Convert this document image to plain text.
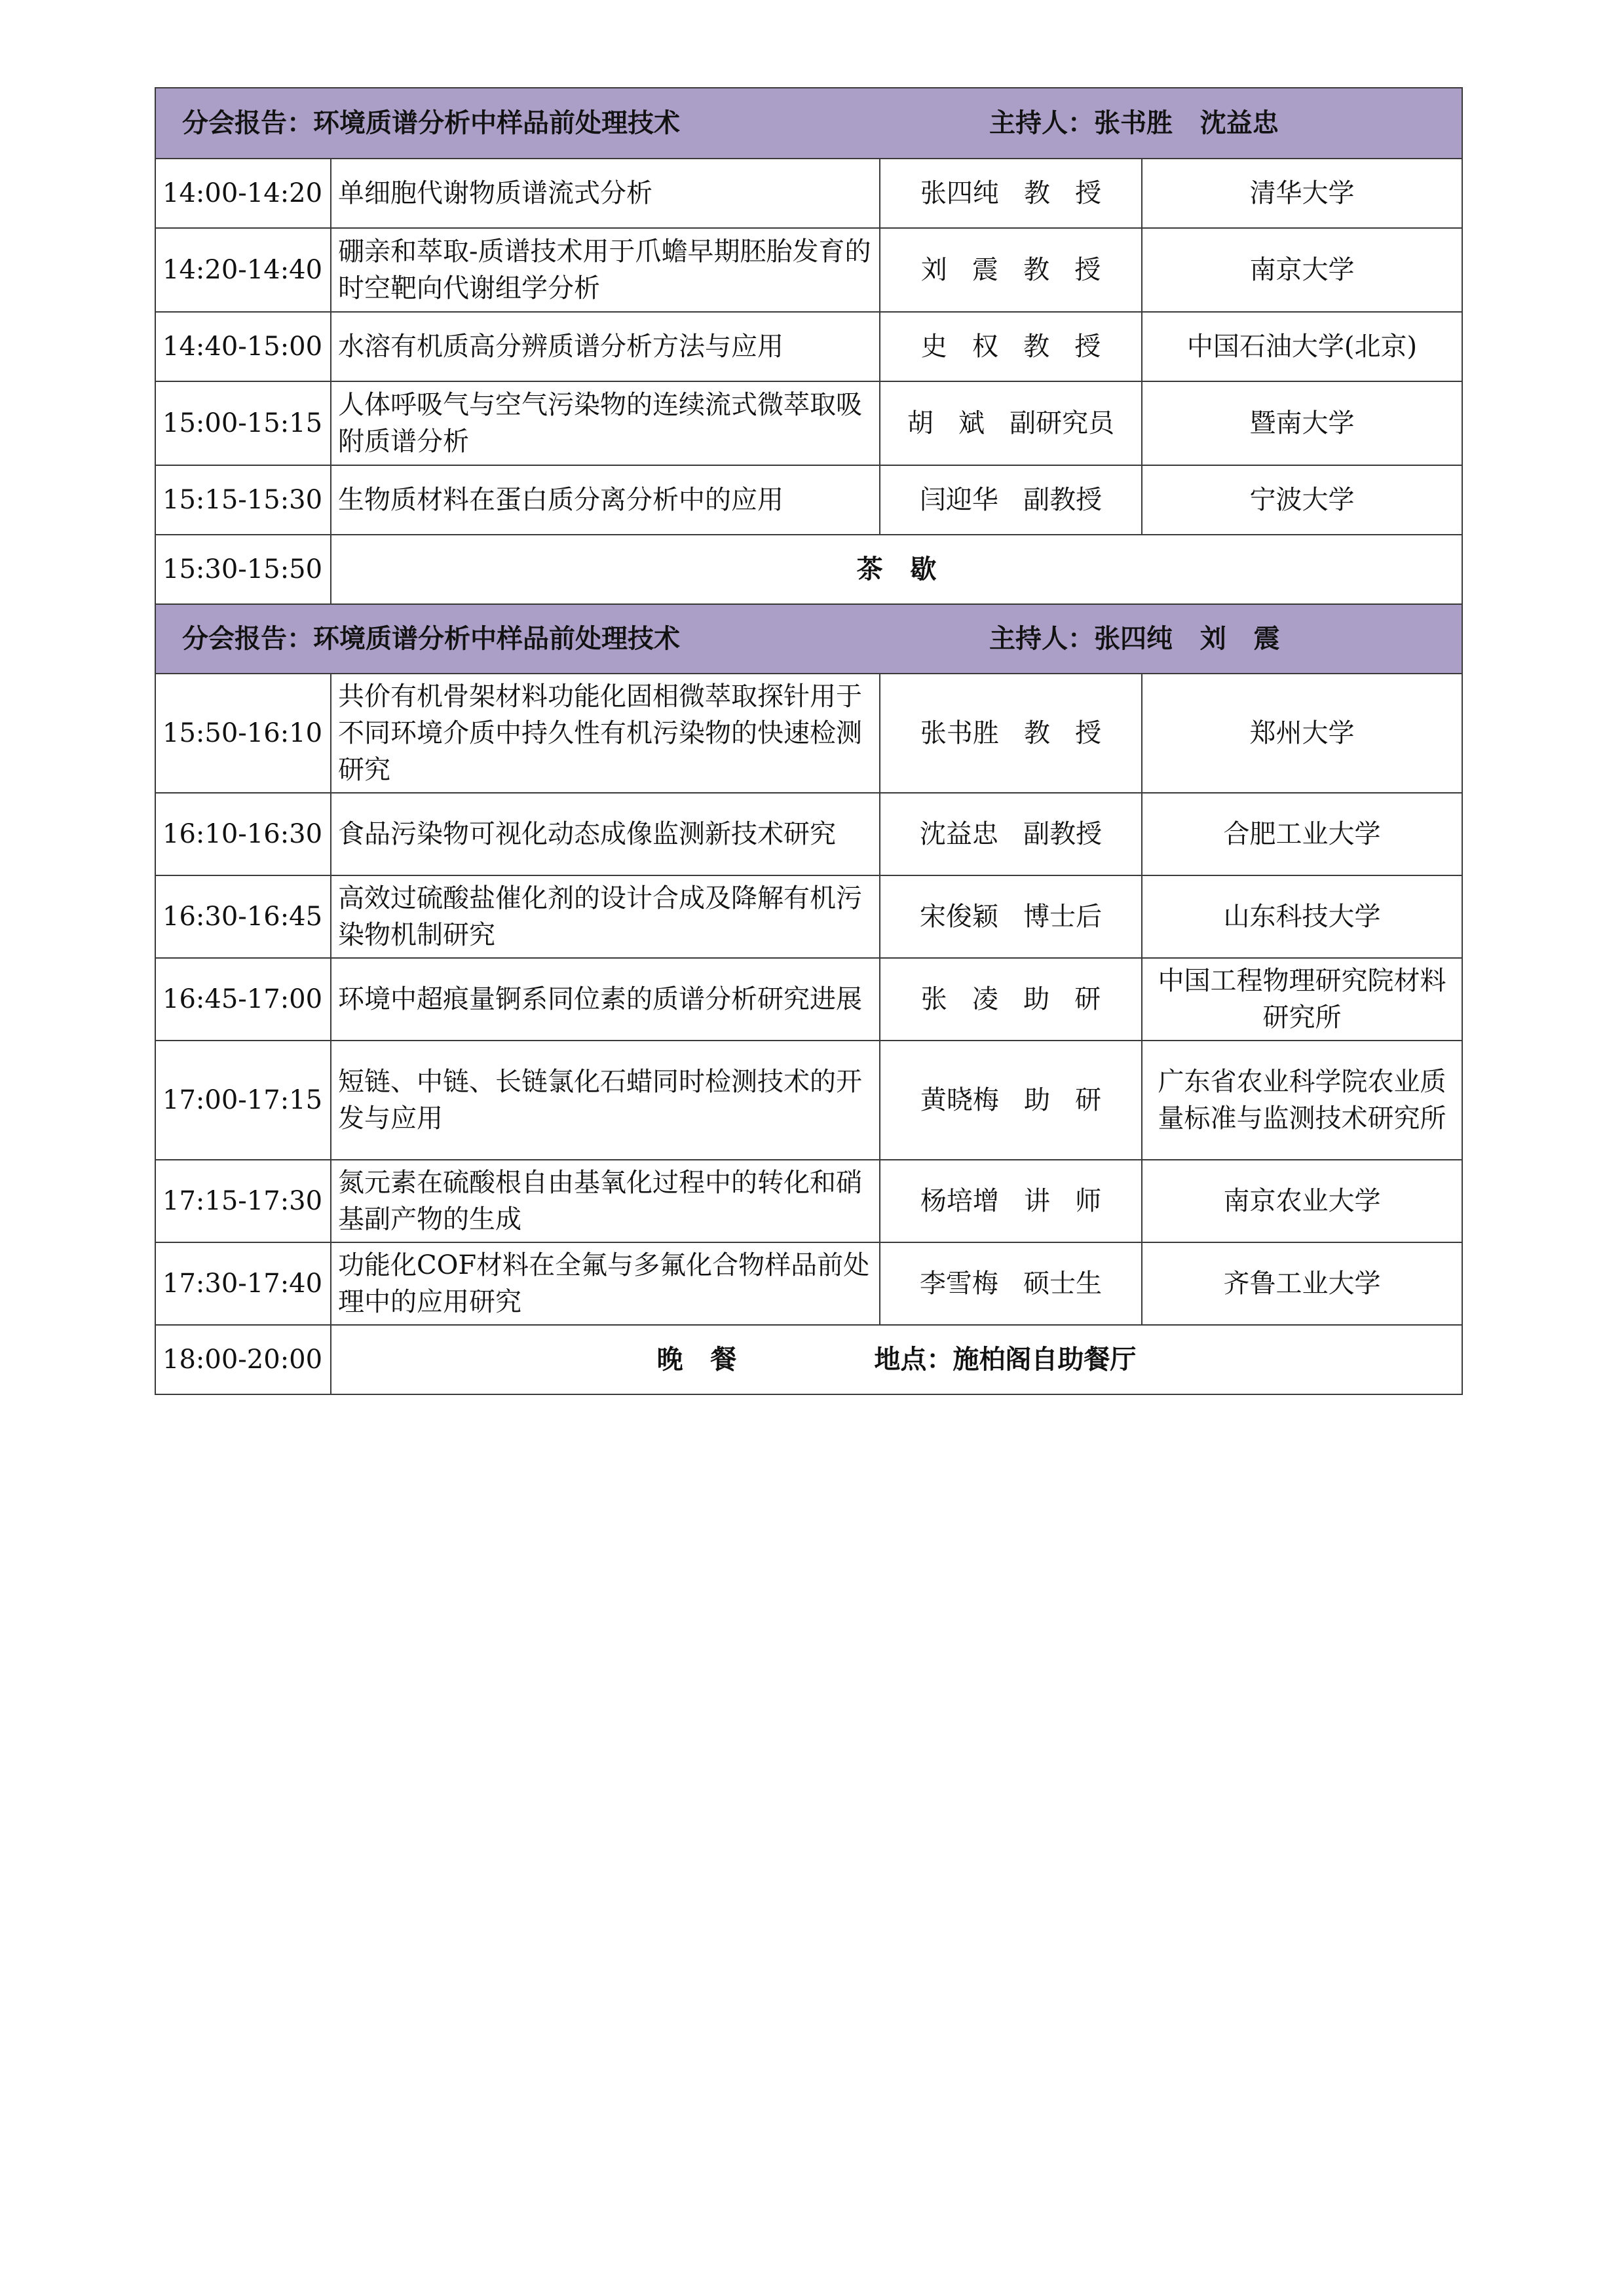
分会报告：环境质谱分析中样品前处理技术 主持人：张书胜   沈益忠			

14:00-14:20	单细胞代谢物质谱流式分析	张四纯   教   授	清华大学
14:20-14:40	硼亲和萃取-质谱技术用于爪蟾早期胚胎发育的时空靶向代谢组学分析	刘   震   教   授	南京大学
14:40-15:00	水溶有机质高分辨质谱分析方法与应用	史   权   教   授	中国石油大学(北京)
15:00-15:15	人体呼吸气与空气污染物的连续流式微萃取吸附质谱分析	胡   斌   副研究员	暨南大学
15:15-15:30	生物质材料在蛋白质分离分析中的应用	闫迎华   副教授	宁波大学
15:30-15:50	茶   歇		

分会报告：环境质谱分析中样品前处理技术 主持人：张四纯   刘   震			

15:50-16:10	共价有机骨架材料功能化固相微萃取探针用于不同环境介质中持久性有机污染物的快速检测研究	张书胜   教   授	郑州大学
16:10-16:30	食品污染物可视化动态成像监测新技术研究	沈益忠   副教授	合肥工业大学
16:30-16:45	高效过硫酸盐催化剂的设计合成及降解有机污染物机制研究	宋俊颖   博士后	山东科技大学
16:45-17:00	环境中超痕量锕系同位素的质谱分析研究进展	张   凌   助   研	中国工程物理研究院材料研究所
17:00-17:15	短链、中链、长链氯化石蜡同时检测技术的开发与应用	黄晓梅   助   研	广东省农业科学院农业质量标准与监测技术研究所
17:15-17:30	氮元素在硫酸根自由基氧化过程中的转化和硝基副产物的生成	杨培增   讲   师	南京农业大学
17:30-17:40	功能化COF材料在全氟与多氟化合物样品前处理中的应用研究	李雪梅   硕士生	齐鲁工业大学
18:00-20:00	晚   餐 地点：施柏阁自助餐厅		
